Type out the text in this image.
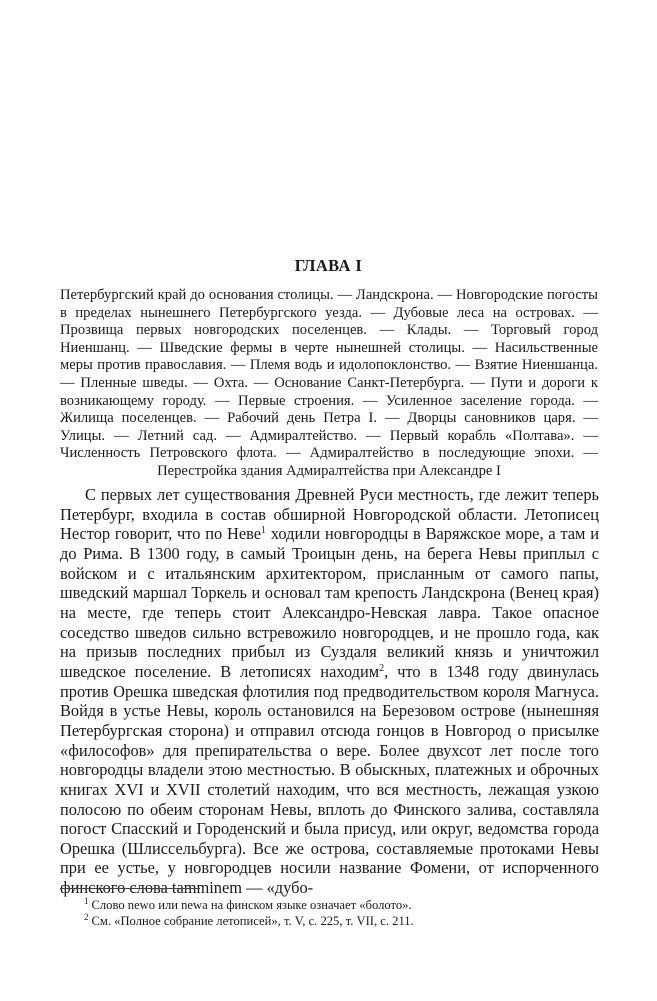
ГЛАВА I

Петербургский край до основания столицы. — Ландскрона. — Новгородские погосты в пределах нынешнего Петербургского уезда. — Дубовые леса на островах. — Прозвища первых новгородских поселенцев. — Клады. — Торговый город Ниеншанц. — Шведские фермы в черте нынешней столицы. — Насильственные меры против православия. — Племя водь и идолопоклонство. — Взятие Ниеншанца. — Пленные шведы. — Охта. — Основание Санкт-Петербурга. — Пути и дороги к возникающему городу. — Первые строения. — Усиленное заселение города. — Жилища поселенцев. — Рабочий день Петра I. — Дворцы сановников царя. — Улицы. — Летний сад. — Адмиралтейство. — Первый корабль «Полтава». — Численность Петровского флота. — Адмиралтейство в последующие эпохи. — Перестройка здания Адмиралтейства при Александре I

С первых лет существования Древней Руси местность, где лежит теперь Петербург, входила в состав обширной Новгородской области. Летописец Нестор говорит, что по Неве$^1$ ходили новгородцы в Варяжское море, а там и до Рима. В 1300 году, в самый Троицын день, на берега Невы приплыл с войском и с итальянским архитектором, присланным от самого папы, шведский маршал Торкель и основал там крепость Ландскрона (Венец края) на месте, где теперь стоит Александро-Невская лавра. Такое опасное соседство шведов сильно встревожило новгородцев, и не прошло года, как на призыв последних прибыл из Суздаля великий князь и уничтожил шведское поселение. В летописях находим$^2$, что в 1348 году двинулась против Орешка шведская флотилия под предводительством короля Магнуса. Войдя в устье Невы, король остановился на Березовом острове (нынешняя Петербургская сторона) и отправил отсюда гонцов в Новгород о присылке «философов» для препирательства о вере. Более двухсот лет после того новгородцы владели этою местностью. В обыскных, платежных и оброчных книгах XVI и XVII столетий находим, что вся местность, лежащая узкою полосою по обеим сторонам Невы, вплоть до Финского залива, составляла погост Спасский и Городенский и была присуд, или округ, ведомства города Орешка (Шлиссельбурга). Все же острова, составляемые протоками Невы при ее устье, у новгородцев носили название Фомени, от испорченного финского слова tamminem — «дубо-

$^1$ Слово newo или newa на финском языке означает «болото».

$^2$ См. «Полное собрание летописей», т. V, с. 225, т. VII, с. 211.
